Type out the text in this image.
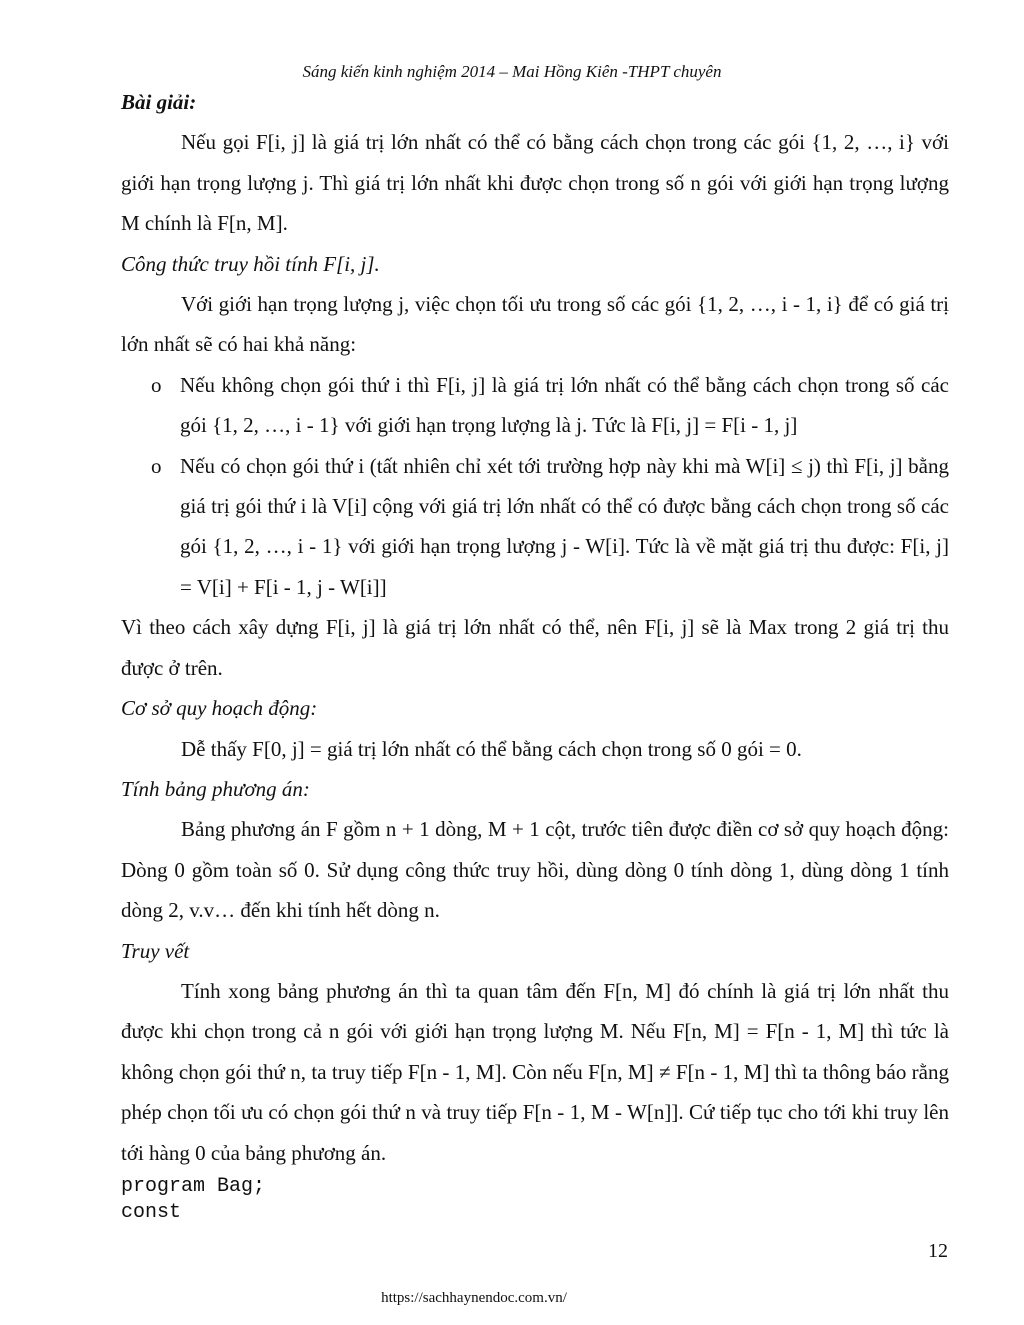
Sáng kiến kinh nghiệm 2014 – Mai Hồng Kiên -THPT chuyên

Bài giải:

Nếu gọi F[i, j] là giá trị lớn nhất có thể có bằng cách chọn trong các gói {1, 2, …, i} với giới hạn trọng lượng j. Thì giá trị lớn nhất khi được chọn trong số n gói với giới hạn trọng lượng M chính là F[n, M].

Công thức truy hồi tính F[i, j].

Với giới hạn trọng lượng j, việc chọn tối ưu trong số các gói {1, 2, …, i - 1, i} để có giá trị lớn nhất sẽ có hai khả năng:

o Nếu không chọn gói thứ i thì F[i, j] là giá trị lớn nhất có thể bằng cách chọn trong số các gói {1, 2, …, i - 1} với giới hạn trọng lượng là j. Tức là F[i, j] = F[i - 1, j]
o Nếu có chọn gói thứ i (tất nhiên chỉ xét tới trường hợp này khi mà W[i] ≤ j) thì F[i, j] bằng giá trị gói thứ i là V[i] cộng với giá trị lớn nhất có thể có được bằng cách chọn trong số các gói {1, 2, …, i - 1} với giới hạn trọng lượng j - W[i]. Tức là về mặt giá trị thu được: F[i, j] = V[i] + F[i - 1, j - W[i]]

Vì theo cách xây dựng F[i, j] là giá trị lớn nhất có thể, nên F[i, j] sẽ là Max trong 2 giá trị thu được ở trên.

Cơ sở quy hoạch động:

Dễ thấy F[0, j] = giá trị lớn nhất có thể bằng cách chọn trong số 0 gói = 0.

Tính bảng phương án:

Bảng phương án F gồm n + 1 dòng, M + 1 cột, trước tiên được điền cơ sở quy hoạch động: Dòng 0 gồm toàn số 0. Sử dụng công thức truy hồi, dùng dòng 0 tính dòng 1, dùng dòng 1 tính dòng 2, v.v… đến khi tính hết dòng n.

Truy vết

Tính xong bảng phương án thì ta quan tâm đến F[n, M] đó chính là giá trị lớn nhất thu được khi chọn trong cả n gói với giới hạn trọng lượng M. Nếu F[n, M] = F[n - 1, M] thì tức là không chọn gói thứ n, ta truy tiếp F[n - 1, M]. Còn nếu F[n, M] ≠ F[n - 1, M] thì ta thông báo rằng phép chọn tối ưu có chọn gói thứ n và truy tiếp F[n - 1, M - W[n]]. Cứ tiếp tục cho tới khi truy lên tới hàng 0 của bảng phương án.

program Bag;
const
12
https://sachhaynendoc.com.vn/
